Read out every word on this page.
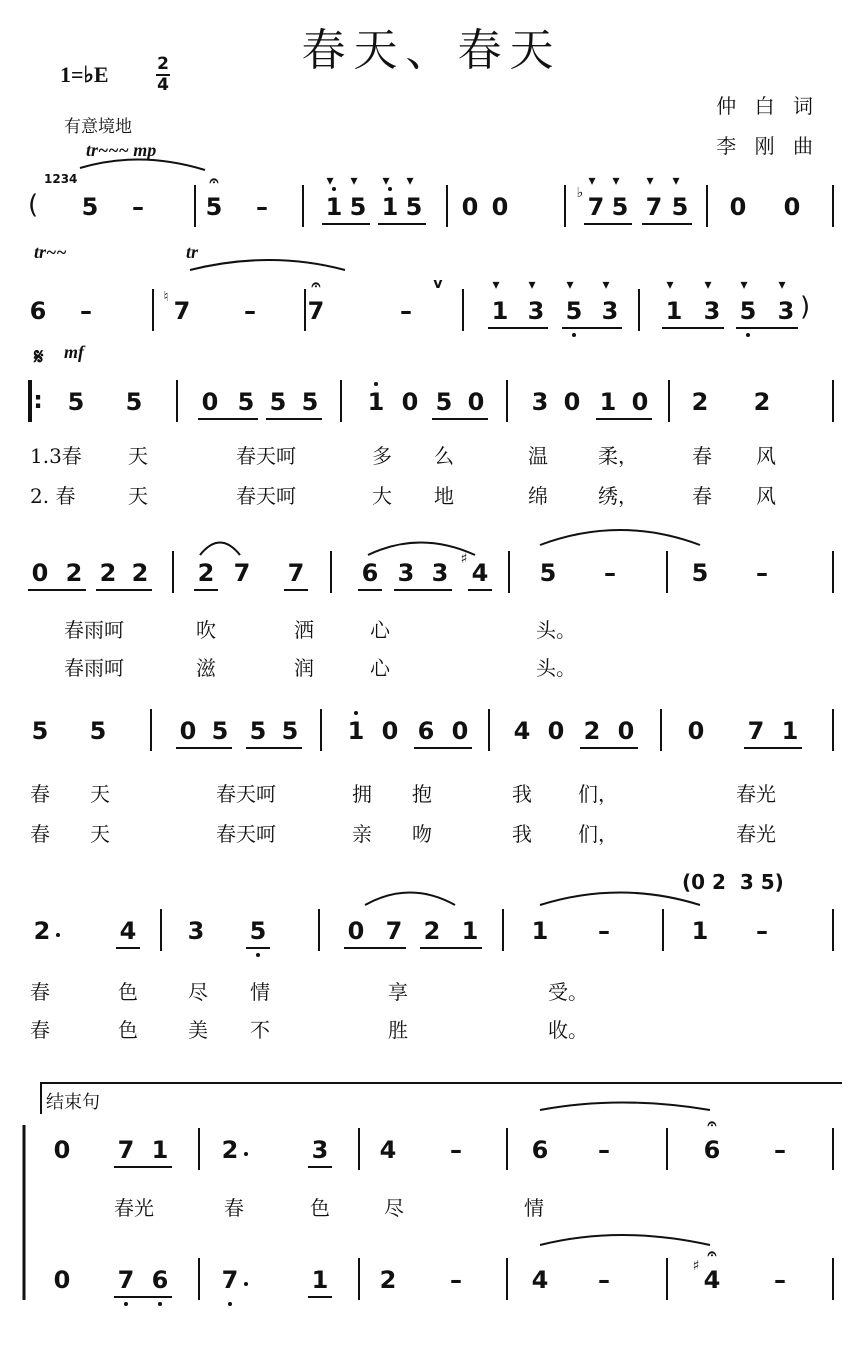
春天、春天
1=♭E	2
4
有意境地
仲 白 词
李 刚 曲
tr~~~ mp
tr~~	tr
𝄋 mf
1234
(
)
(0 2  3 5)
结束句
5 –	5
𝄐
– 1
▾
5
▾
1
▾
5
▾
0 0	7
♭
▾
5
▾
7
▾
5
▾
0 0
6 –	7
♮	– 7
𝄐
–	1
▾
3
▾
5
▾
3
▾
1
▾
3
▾
5
▾
3
▾
v
: 5 5 0 5 5 5 1 0 5 0 3 0 1 0 2 2
0 2 2 2 2 7 7 6 3 3 4
♯	5 –	5 –
5 5	0 5 5 5 1 0 6 0 4 0 2 0 0 7 1
2	4 3 5	0 7 2 1 1 –	1 –
0 7 1 2	3 4 –	6 –	6
𝄐
–
0 7 6 7	1 2 –	4 –	4
♯
𝄐
–
1.3春 天	春天呵	多 么	温	柔，	春 风
2. 春	天	春天呵	大 地	绵	绣，	春 风
春雨呵	吹	洒	心	头。
春雨呵	滋	润	心	头。
春 天	春天呵	拥 抱	我 们，	春光
春 天	春天呵	亲 吻	我 们，	春光
春	色	尽 情	享	受。
春	色	美 不	胜	收。
春光	春	色	尽	情
